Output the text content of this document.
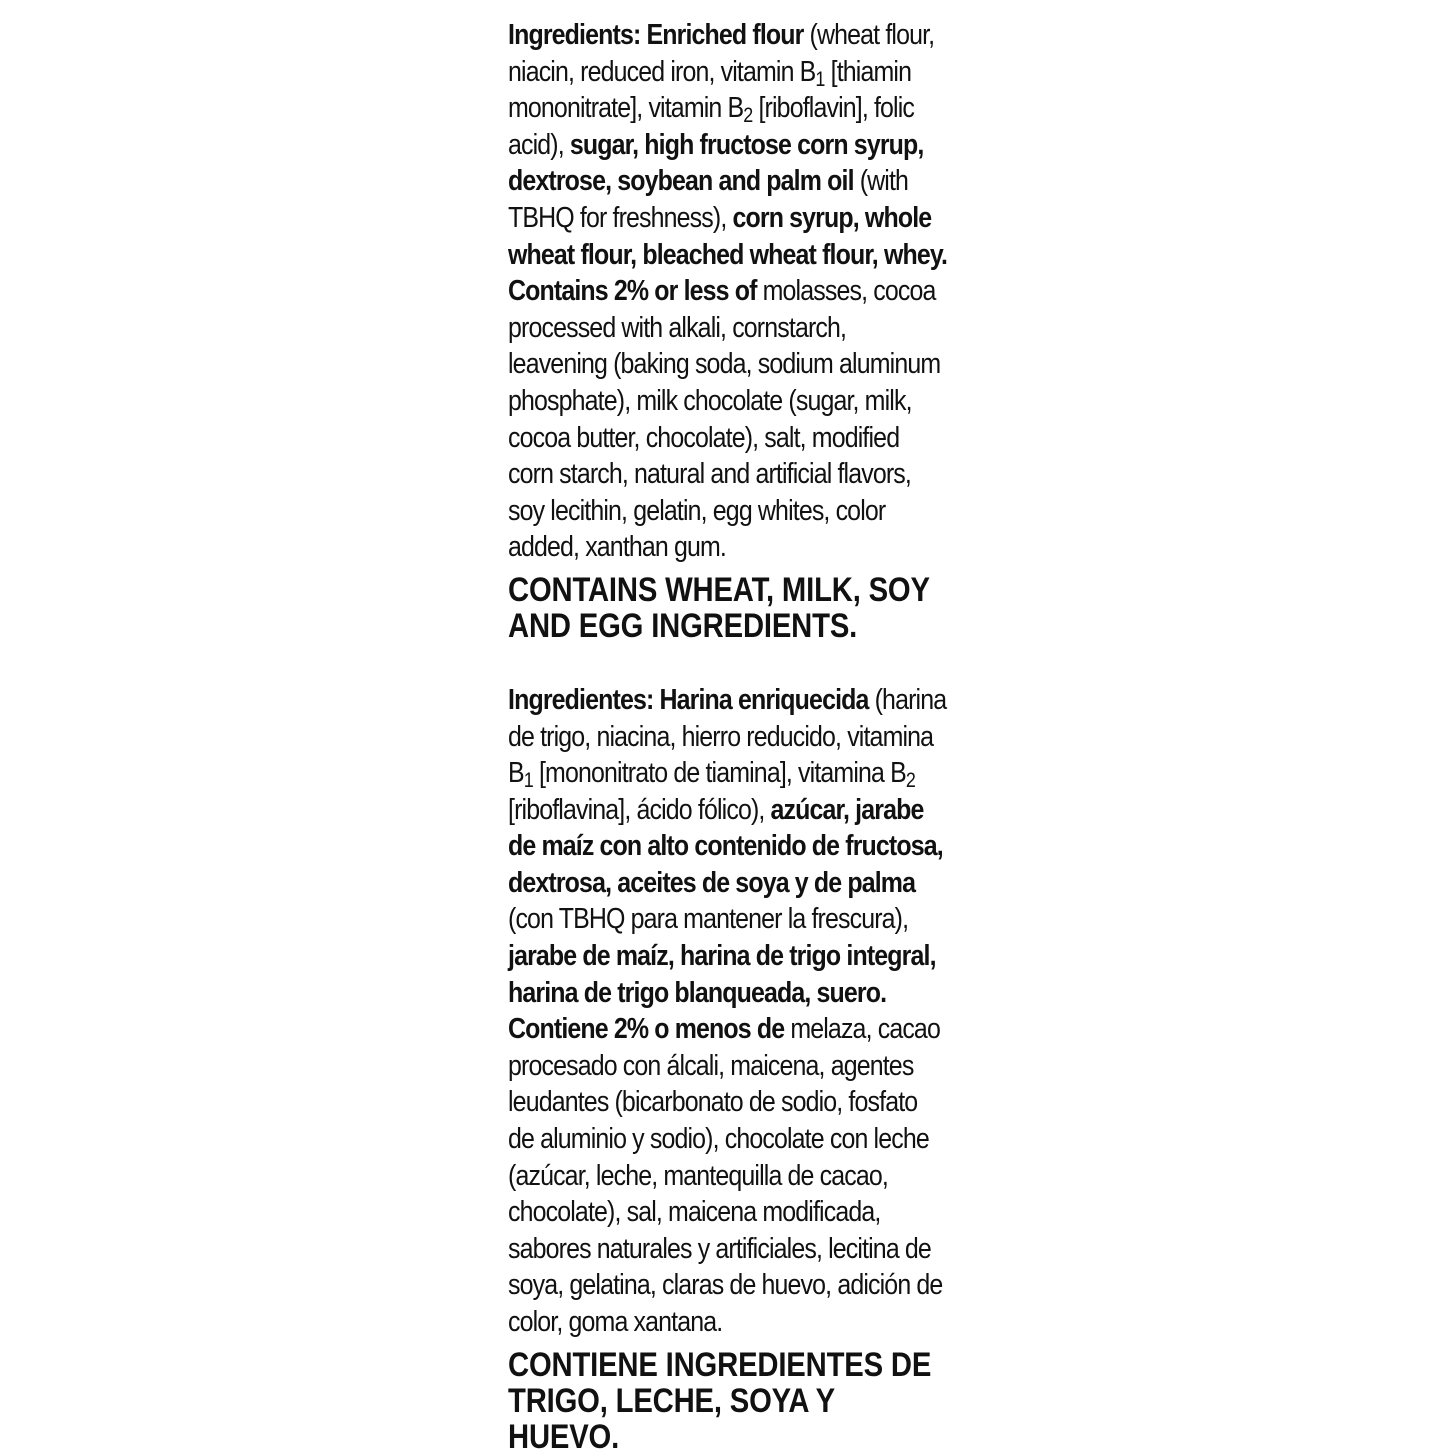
Ingredients: Enriched flour (wheat flour, niacin, reduced iron, vitamin $B_1$ [thiamin mononitrate], vitamin $B_2$ [riboflavin], folic acid), sugar, high fructose corn syrup, dextrose, soybean and palm oil (with TBHQ for freshness), corn syrup, whole wheat flour, bleached wheat flour, whey.

Contains 2% or less of molasses, cocoa processed with alkali, cornstarch, leavening (baking soda, sodium aluminum phosphate), milk chocolate (sugar, milk, cocoa butter, chocolate), salt, modified corn starch, natural and artificial flavors, soy lecithin, gelatin, egg whites, color added, xanthan gum.

CONTAINS WHEAT, MILK, SOY AND EGG INGREDIENTS.

Ingredientes: Harina enriquecida (harina de trigo, niacina, hierro reducido, vitamina $B_1$ [mononitrato de tiamina], vitamina $B_2$ [riboflavina], ácido fólico), azúcar, jarabe de maíz con alto contenido de fructosa, dextrosa, aceites de soya y de palma (con TBHQ para mantener la frescura), jarabe de maíz, harina de trigo integral, harina de trigo blanqueada, suero.

Contiene 2% o menos de melaza, cacao procesado con álcali, maicena, agentes leudantes (bicarbonato de sodio, fosfato de aluminio y sodio), chocolate con leche (azúcar, leche, mantequilla de cacao, chocolate), sal, maicena modificada, sabores naturales y artificiales, lecitina de soya, gelatina, claras de huevo, adición de color, goma xantana.

CONTIENE INGREDIENTES DE TRIGO, LECHE, SOYA Y HUEVO.
